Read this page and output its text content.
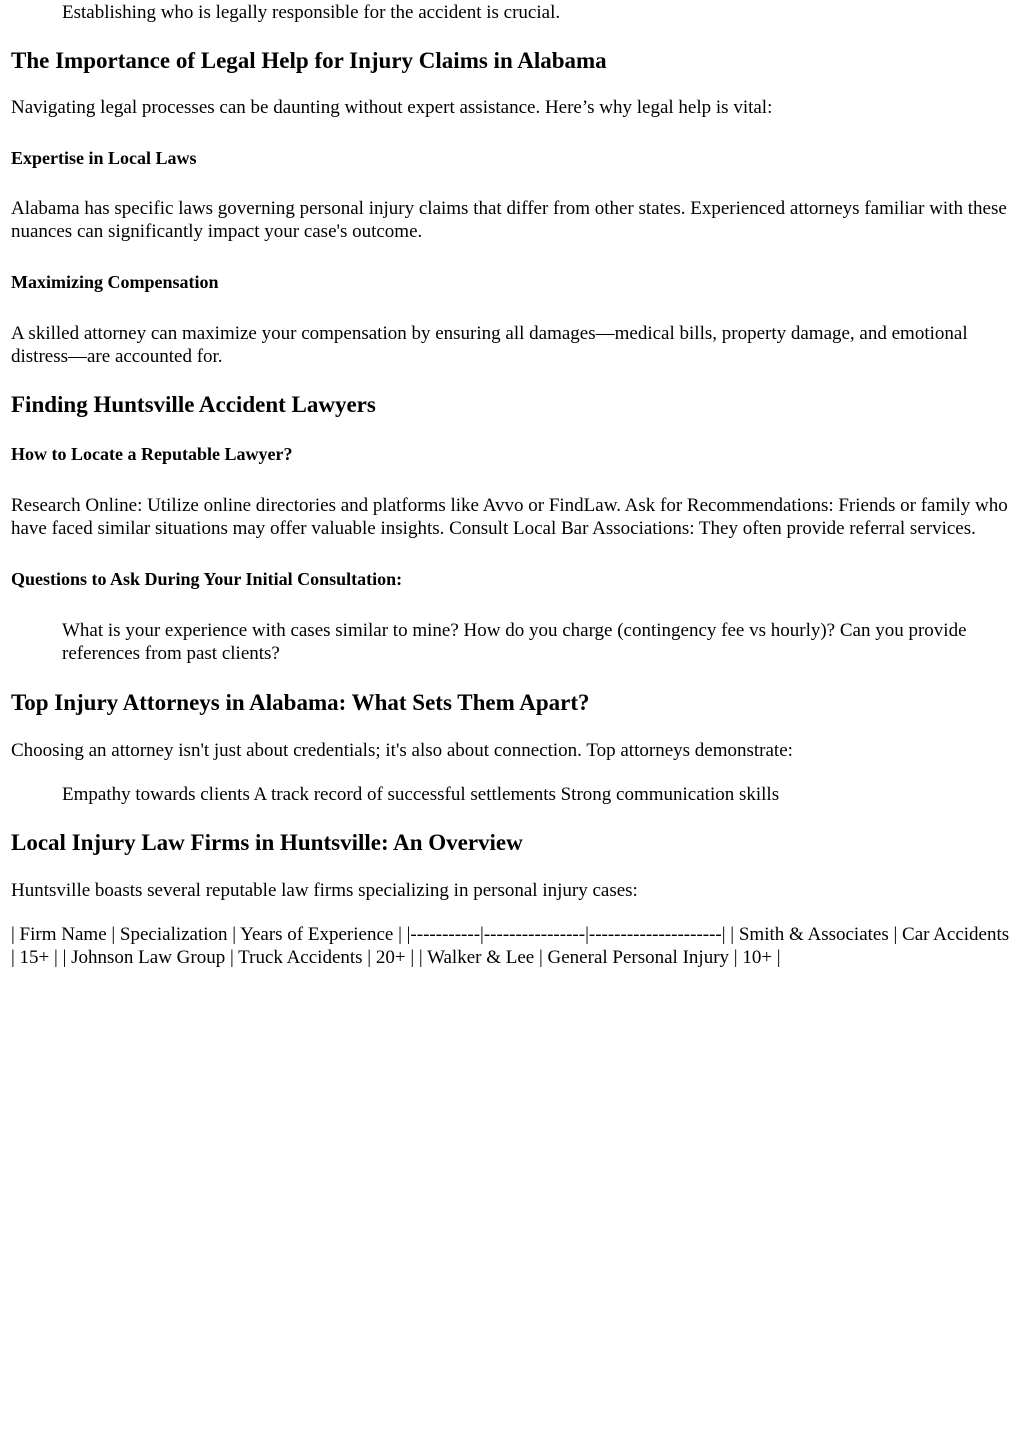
Establishing who is legally responsible for the accident is crucial.
The Importance of Legal Help for Injury Claims in Alabama

Navigating legal processes can be daunting without expert assistance. Here’s why legal help is vital:

Expertise in Local Laws

Alabama has specific laws governing personal injury claims that differ from other states. Experienced attorneys familiar with these nuances can significantly impact your case's outcome.

Maximizing Compensation

A skilled attorney can maximize your compensation by ensuring all damages—medical bills, property damage, and emotional distress—are accounted for.

Finding Huntsville Accident Lawyers
How to Locate a Reputable Lawyer?

Research Online: Utilize online directories and platforms like Avvo or FindLaw. Ask for Recommendations: Friends or family who have faced similar situations may offer valuable insights. Consult Local Bar Associations: They often provide referral services.

Questions to Ask During Your Initial Consultation:
What is your experience with cases similar to mine? How do you charge (contingency fee vs hourly)? Can you provide references from past clients?
Top Injury Attorneys in Alabama: What Sets Them Apart?

Choosing an attorney isn't just about credentials; it's also about connection. Top attorneys demonstrate:

Empathy towards clients A track record of successful settlements Strong communication skills
Local Injury Law Firms in Huntsville: An Overview

Huntsville boasts several reputable law firms specializing in personal injury cases:

| Firm Name | Specialization | Years of Experience | |-----------|----------------|---------------------| | Smith & Associates | Car Accidents | 15+ | | Johnson Law Group | Truck Accidents | 20+ | | Walker & Lee | General Personal Injury | 10+ |
